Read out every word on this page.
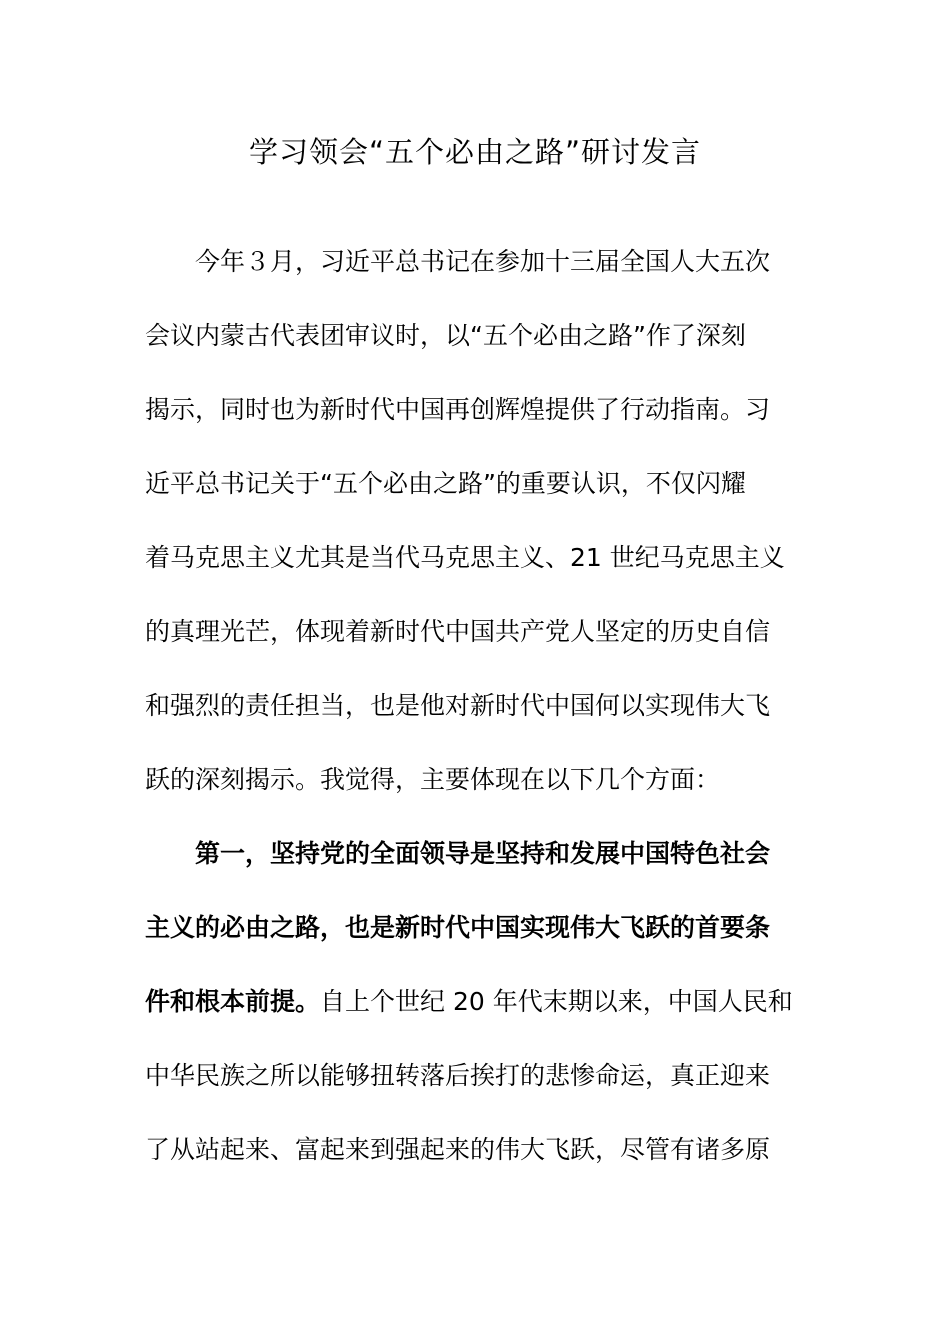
学习领会“五个必由之路”研讨发言
今年３月，习近平总书记在参加十三届全国人大五次
会议内蒙古代表团审议时，以“五个必由之路”作了深刻
揭示，同时也为新时代中国再创辉煌提供了行动指南。习
近平总书记关于“五个必由之路”的重要认识，不仅闪耀
着马克思主义尤其是当代马克思主义、21 世纪马克思主义
的真理光芒，体现着新时代中国共产党人坚定的历史自信
和强烈的责任担当，也是他对新时代中国何以实现伟大飞
跃的深刻揭示。我觉得，主要体现在以下几个方面：
第一，坚持党的全面领导是坚持和发展中国特色社会
主义的必由之路，也是新时代中国实现伟大飞跃的首要条
件和根本前提。自上个世纪 20 年代末期以来，中国人民和
中华民族之所以能够扭转落后挨打的悲惨命运，真正迎来
了从站起来、富起来到强起来的伟大飞跃，尽管有诸多原
